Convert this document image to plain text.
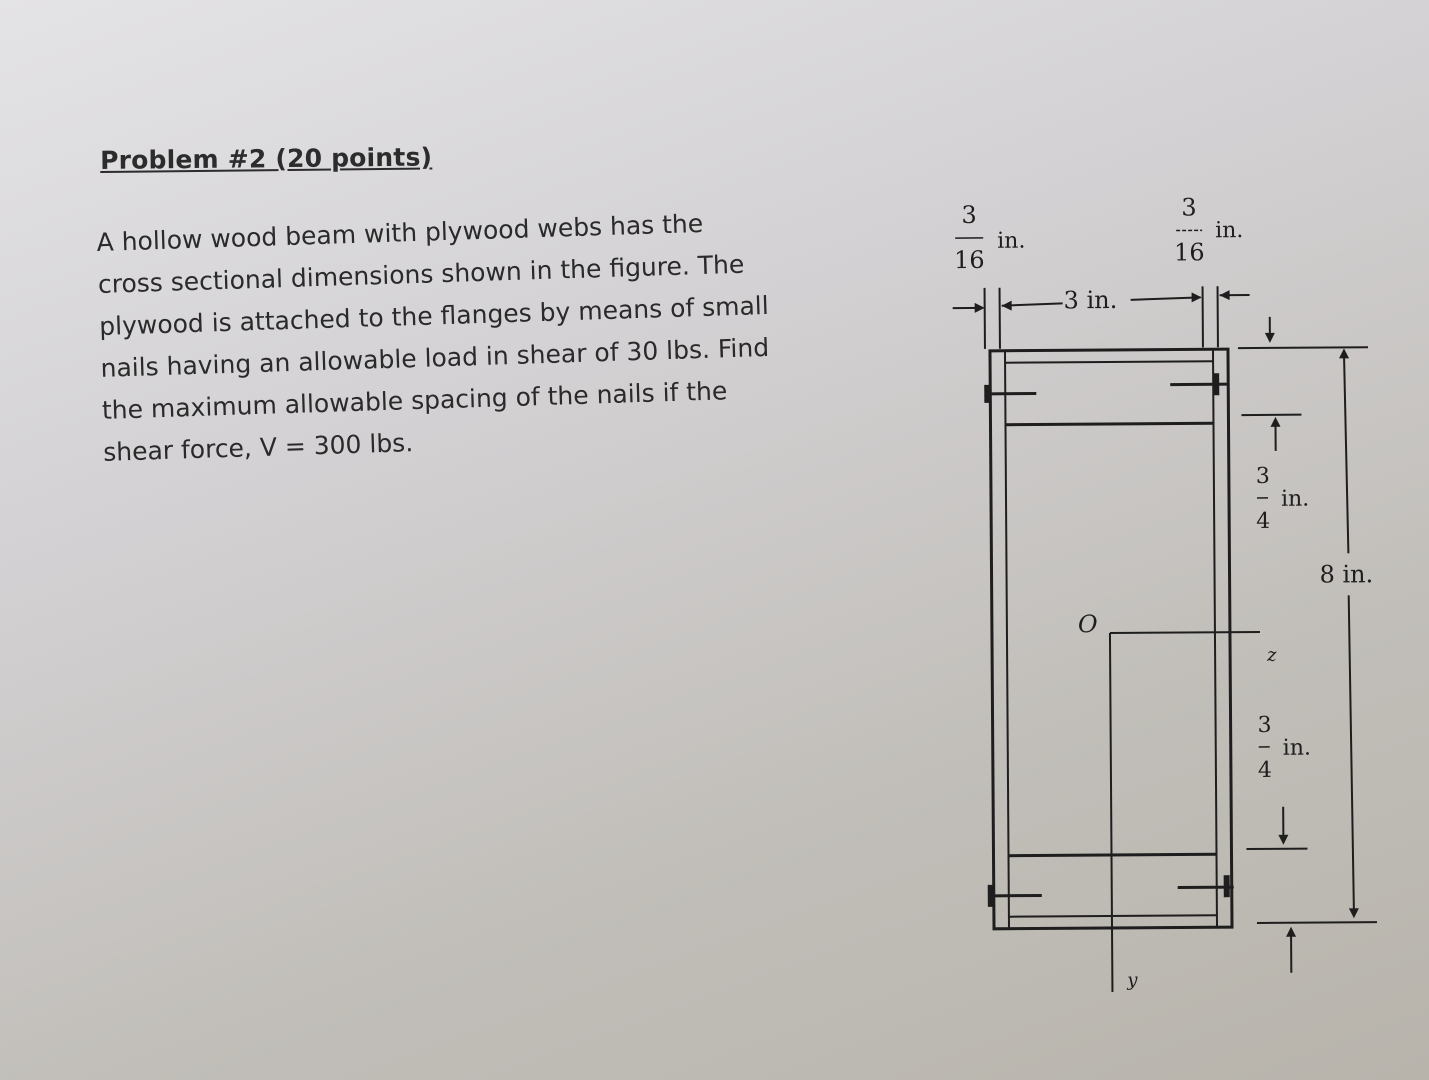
Problem #2 (20 points)
A hollow wood beam with plywood webs has the
cross sectional dimensions shown in the figure. The
plywood is attached to the flanges by means of small
nails having an allowable load in shear of 30 lbs. Find
the maximum allowable spacing of the nails if the
shear force, V = 300 lbs.
3
16
in.
3
16
in.
3 in.
3
4
in.
3
4
in.
8 in.
O
z
y
